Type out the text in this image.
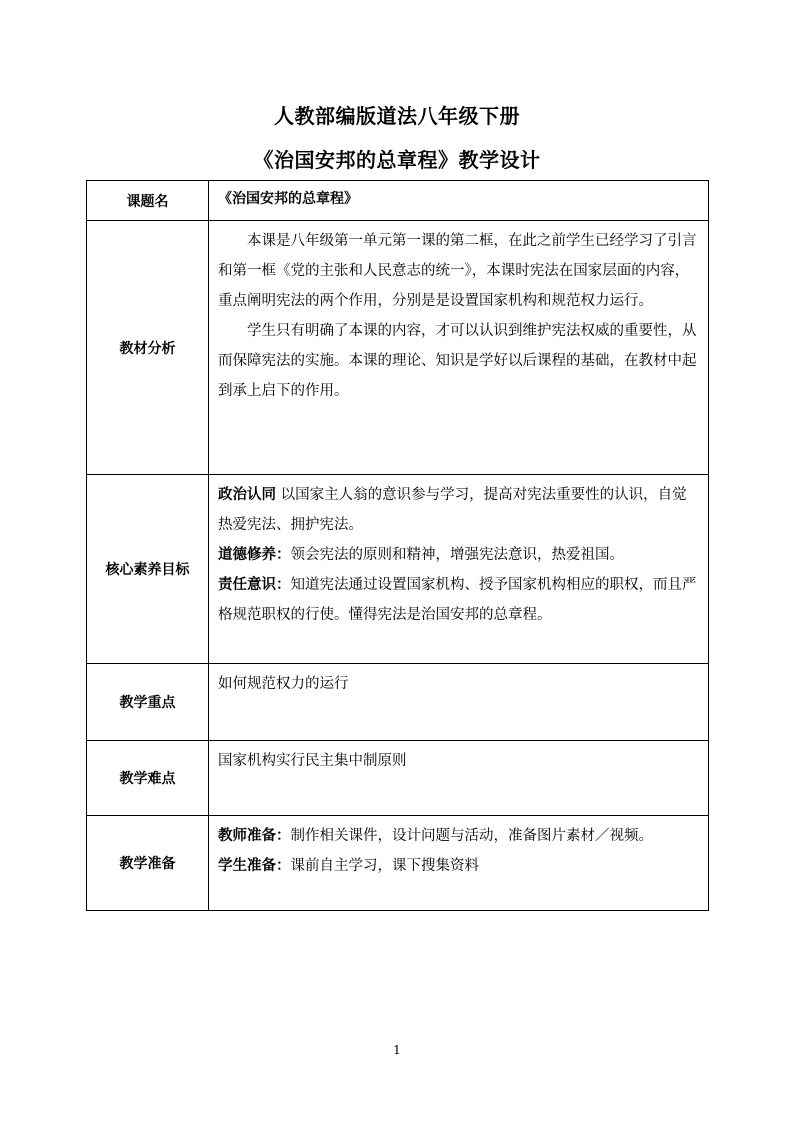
人教部编版道法八年级下册
《治国安邦的总章程》教学设计
课题名	《治国安邦的总章程》
教材分析	本课是八年级第一单元第一课的第二框，在此之前学生已经学习了引言和第一框《党的主张和人民意志的统一》，本课时宪法在国家层面的内容，重点阐明宪法的两个作用，分别是是设置国家机构和规范权力运行。

学生只有明确了本课的内容，才可以认识到维护宪法权威的重要性，从而保障宪法的实施。本课的理论、知识是学好以后课程的基础，在教材中起到承上启下的作用。

核心素养目标	政治认同 以国家主人翁的意识参与学习，提高对宪法重要性的认识，自觉热爱宪法、拥护宪法。

道德修养：领会宪法的原则和精神，增强宪法意识，热爱祖国。

责任意识：知道宪法通过设置国家机构、授予国家机构相应的职权，而且严格规范职权的行使。懂得宪法是治国安邦的总章程。

教学重点	如何规范权力的运行
教学难点	国家机构实行民主集中制原则
教学准备	教师准备：制作相关课件，设计问题与活动，准备图片素材／视频。

学生准备：课前自主学习，课下搜集资料

1
